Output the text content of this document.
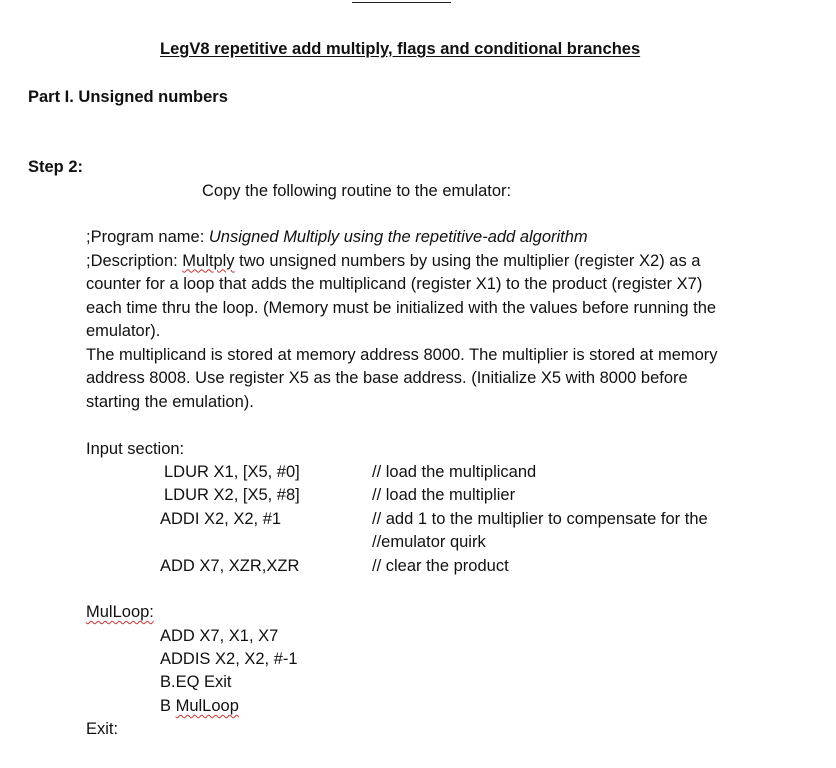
LegV8 repetitive add multiply, flags and conditional branches
Part I. Unsigned numbers
Step 2:
Copy the following routine to the emulator:
;Program name: Unsigned Multiply using the repetitive-add algorithm
;Description: Multply two unsigned numbers by using the multiplier (register X2) as a
counter for a loop that adds the multiplicand (register X1) to the product (register X7)
each time thru the loop. (Memory must be initialized with the values before running the
emulator).
The multiplicand is stored at memory address 8000. The multiplier is stored at memory
address 8008. Use register X5 as the base address. (Initialize X5 with 8000 before
starting the emulation).
Input section:
LDUR X1, [X5, #0]	// load the multiplicand
LDUR X2, [X5, #8]	// load the multiplier
ADDI X2, X2, #1	// add 1 to the multiplier to compensate for the
//emulator quirk
ADD X7, XZR,XZR	// clear the product
MulLoop:
ADD X7, X1, X7
ADDIS X2, X2, #-1
B.EQ Exit
B MulLoop
Exit:
